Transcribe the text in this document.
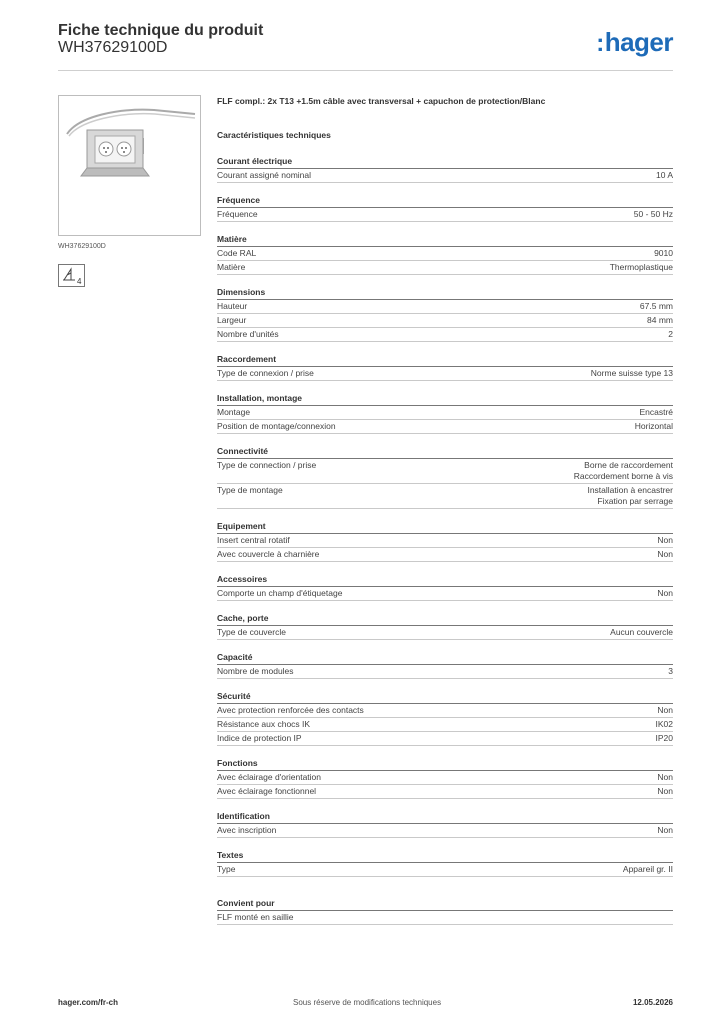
Fiche technique du produit
WH37629100D	:hager
WH37629100D
4
FLF compl.: 2x T13 +1.5m câble avec transversal + capuchon de protection/Blanc
Caractéristiques techniques
Courant électrique
Courant assigné nominal	10 A
Fréquence
Fréquence	50 - 50 Hz
Matière
Code RAL	9010
Matière	Thermoplastique
Dimensions
Hauteur	67.5 mm
Largeur	84 mm
Nombre d'unités	2
Raccordement
Type de connexion / prise	Norme suisse type 13
Installation, montage
Montage	Encastré
Position de montage/connexion	Horizontal
Connectivité
Type de connection / prise	Borne de raccordement
Raccordement borne à vis
Type de montage	Installation à encastrer
Fixation par serrage
Equipement
Insert central rotatif	Non
Avec couvercle à charnière	Non
Accessoires
Comporte un champ d'étiquetage	Non
Cache, porte
Type de couvercle	Aucun couvercle
Capacité
Nombre de modules	3
Sécurité
Avec protection renforcée des contacts	Non
Résistance aux chocs IK	IK02
Indice de protection IP	IP20
Fonctions
Avec éclairage d'orientation	Non
Avec éclairage fonctionnel	Non
Identification
Avec inscription	Non
Textes
Type	Appareil gr. II
Convient pour
FLF monté en saillie
hager.com/fr-ch	Sous réserve de modifications techniques	12.05.2026
